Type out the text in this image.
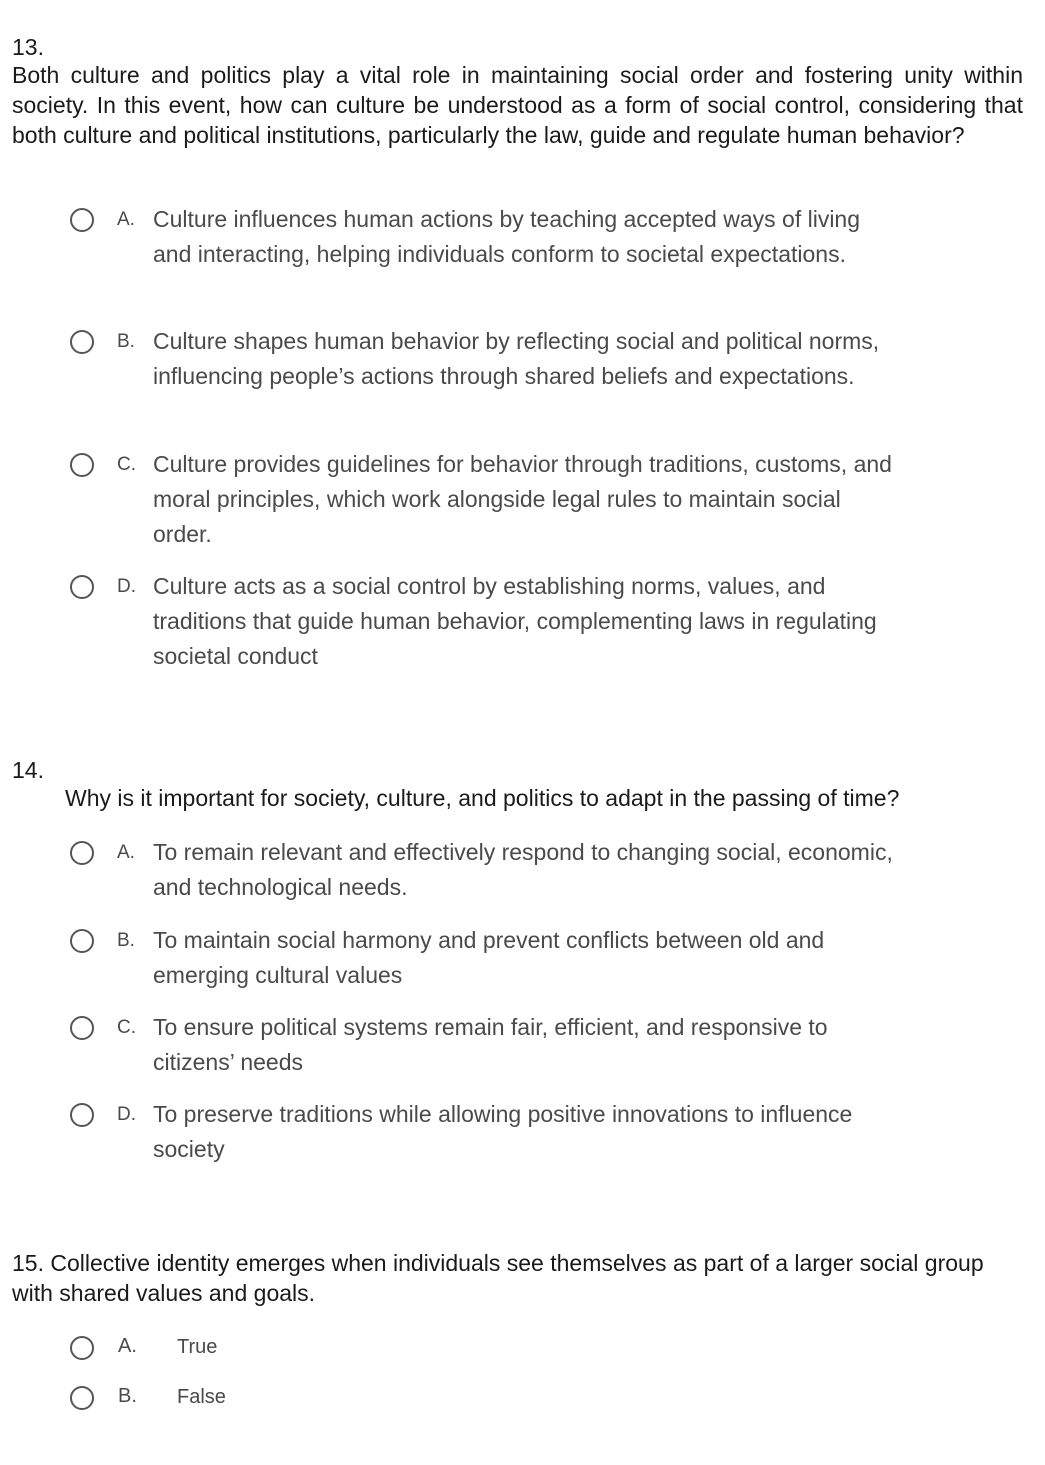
13.

Both culture and politics play a vital role in maintaining social order and fostering unity within society. In this event, how can culture be understood as a form of social control, considering that both culture and political institutions, particularly the law, guide and regulate human behavior?

A. Culture influences human actions by teaching accepted ways of living and interacting, helping individuals conform to societal expectations.
B. Culture shapes human behavior by reflecting social and political norms, influencing people’s actions through shared beliefs and expectations.
C. Culture provides guidelines for behavior through traditions, customs, and moral principles, which work alongside legal rules to maintain social order.
D. Culture acts as a social control by establishing norms, values, and traditions that guide human behavior, complementing laws in regulating societal conduct
14.

Why is it important for society, culture, and politics to adapt in the passing of time?

A. To remain relevant and effectively respond to changing social, economic, and technological needs.
B. To maintain social harmony and prevent conflicts between old and emerging cultural values
C. To ensure political systems remain fair, efficient, and responsive to citizens’ needs
D. To preserve traditions while allowing positive innovations to influence society

15. Collective identity emerges when individuals see themselves as part of a larger social group with shared values and goals.

A. True
B. False
